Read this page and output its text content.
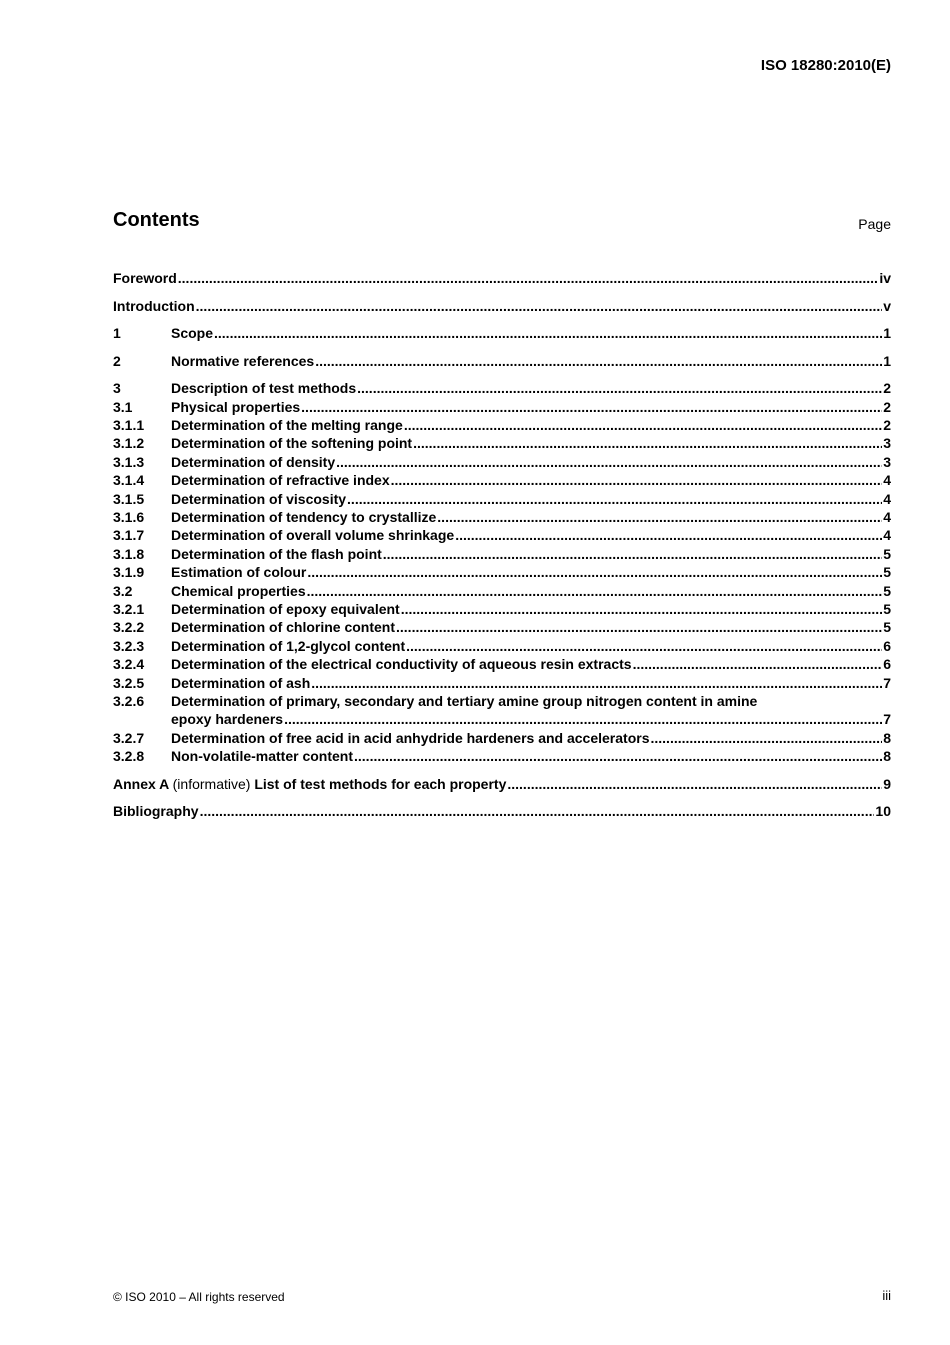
ISO 18280:2010(E)
Contents	Page
Foreword .....	iv
Introduction .....	v
1	Scope .....	1
2	Normative references .....	1
3	Description of test methods .....	2
3.1	Physical properties .....	2
3.1.1	Determination of the melting range .....	2
3.1.2	Determination of the softening point .....	3
3.1.3	Determination of density .....	3
3.1.4	Determination of refractive index .....	4
3.1.5	Determination of viscosity .....	4
3.1.6	Determination of tendency to crystallize .....	4
3.1.7	Determination of overall volume shrinkage .....	4
3.1.8	Determination of the flash point .....	5
3.1.9	Estimation of colour .....	5
3.2	Chemical properties .....	5
3.2.1	Determination of epoxy equivalent .....	5
3.2.2	Determination of chlorine content .....	5
3.2.3	Determination of 1,2-glycol content .....	6
3.2.4	Determination of the electrical conductivity of aqueous resin extracts .....	6
3.2.5	Determination of ash .....	7
3.2.6	Determination of primary, secondary and tertiary amine group nitrogen content in amine
epoxy hardeners .....	7
3.2.7	Determination of free acid in acid anhydride hardeners and accelerators .....	8
3.2.8	Non-volatile-matter content .....	8
Annex A (informative) List of test methods for each property .....	9
Bibliography .....	10
© ISO 2010 – All rights reserved	iii
